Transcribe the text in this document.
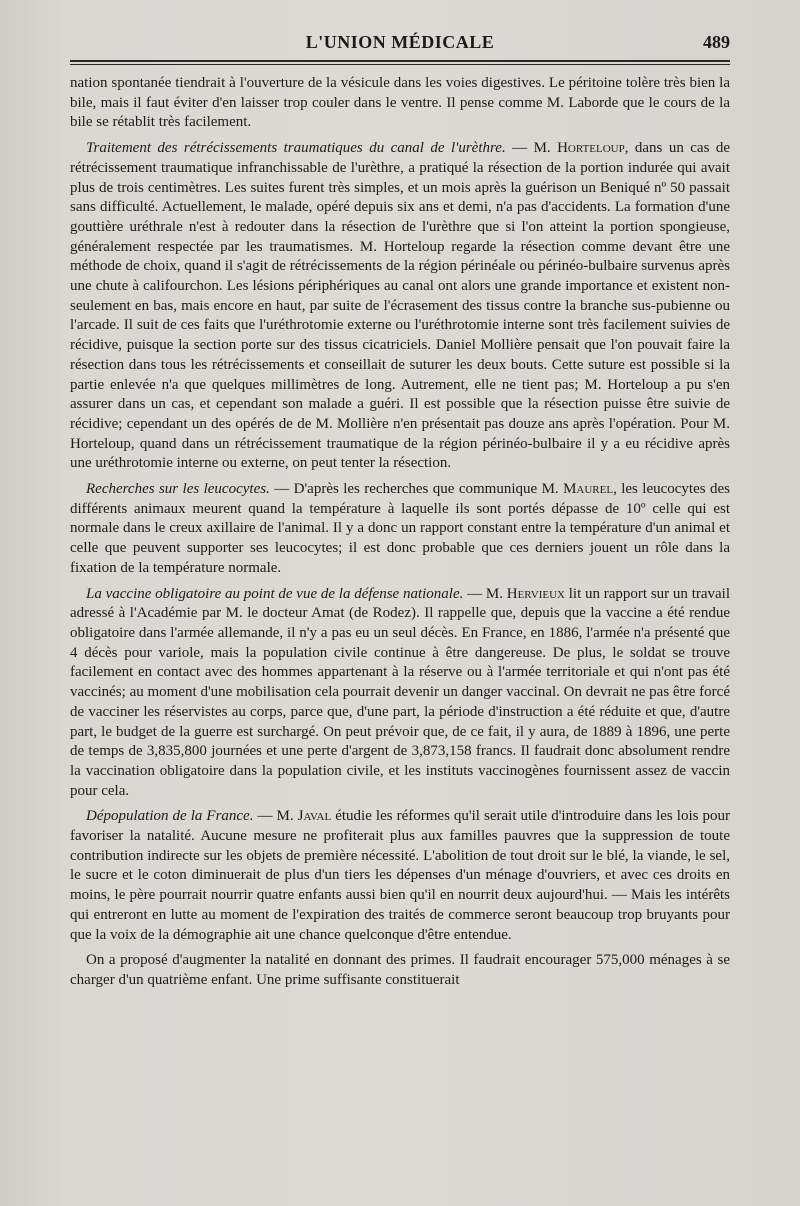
L'UNION MÉDICALE	489

nation spontanée tiendrait à l'ouverture de la vésicule dans les voies digestives. Le péritoine tolère très bien la bile, mais il faut éviter d'en laisser trop couler dans le ventre. Il pense comme M. Laborde que le cours de la bile se rétablit très facilement.

Traitement des rétrécissements traumatiques du canal de l'urèthre. — M. Horteloup, dans un cas de rétrécissement traumatique infranchissable de l'urèthre, a pratiqué la résection de la portion indurée qui avait plus de trois centimètres. Les suites furent très simples, et un mois après la guérison un Beniqué nº 50 passait sans difficulté. Actuellement, le malade, opéré depuis six ans et demi, n'a pas d'accidents. La formation d'une gouttière uréthrale n'est à redouter dans la résection de l'urèthre que si l'on atteint la portion spongieuse, généralement respectée par les traumatismes. M. Horteloup regarde la résection comme devant être une méthode de choix, quand il s'agit de rétrécissements de la région périnéale ou périnéo-bulbaire survenus après une chute à califourchon. Les lésions périphériques au canal ont alors une grande importance et existent non-seulement en bas, mais encore en haut, par suite de l'écrasement des tissus contre la branche sus-pubienne ou l'arcade. Il suit de ces faits que l'uréthrotomie externe ou l'uréthrotomie interne sont très facilement suivies de récidive, puisque la section porte sur des tissus cicatriciels. Daniel Mollière pensait que l'on pouvait faire la résection dans tous les rétrécissements et conseillait de suturer les deux bouts. Cette suture est possible si la partie enlevée n'a que quelques millimètres de long. Autrement, elle ne tient pas; M. Horteloup a pu s'en assurer dans un cas, et cependant son malade a guéri. Il est possible que la résection puisse être suivie de récidive; cependant un des opérés de de M. Mollière n'en présentait pas douze ans après l'opération. Pour M. Horteloup, quand dans un rétrécissement traumatique de la région périnéo-bulbaire il y a eu récidive après une uréthrotomie interne ou externe, on peut tenter la résection.

Recherches sur les leucocytes. — D'après les recherches que communique M. Maurel, les leucocytes des différents animaux meurent quand la température à laquelle ils sont portés dépasse de 10º celle qui est normale dans le creux axillaire de l'animal. Il y a donc un rapport constant entre la température d'un animal et celle que peuvent supporter ses leucocytes; il est donc probable que ces derniers jouent un rôle dans la fixation de la température normale.

La vaccine obligatoire au point de vue de la défense nationale. — M. Hervieux lit un rapport sur un travail adressé à l'Académie par M. le docteur Amat (de Rodez). Il rappelle que, depuis que la vaccine a été rendue obligatoire dans l'armée allemande, il n'y a pas eu un seul décès. En France, en 1886, l'armée n'a présenté que 4 décès pour variole, mais la population civile continue à être dangereuse. De plus, le soldat se trouve facilement en contact avec des hommes appartenant à la réserve ou à l'armée territoriale et qui n'ont pas été vaccinés; au moment d'une mobilisation cela pourrait devenir un danger vaccinal. On devrait ne pas être forcé de vacciner les réservistes au corps, parce que, d'une part, la période d'instruction a été réduite et que, d'autre part, le budget de la guerre est surchargé. On peut prévoir que, de ce fait, il y aura, de 1889 à 1896, une perte de temps de 3,835,800 journées et une perte d'argent de 3,873,158 francs. Il faudrait donc absolument rendre la vaccination obligatoire dans la population civile, et les instituts vaccinogènes fournissent assez de vaccin pour cela.

Dépopulation de la France. — M. Javal étudie les réformes qu'il serait utile d'introduire dans les lois pour favoriser la natalité. Aucune mesure ne profiterait plus aux familles pauvres que la suppression de toute contribution indirecte sur les objets de première nécessité. L'abolition de tout droit sur le blé, la viande, le sel, le sucre et le coton diminuerait de plus d'un tiers les dépenses d'un ménage d'ouvriers, et avec ces droits en moins, le père pourrait nourrir quatre enfants aussi bien qu'il en nourrit deux aujourd'hui. — Mais les intérêts qui entreront en lutte au moment de l'expiration des traités de commerce seront beaucoup trop bruyants pour que la voix de la démographie ait une chance quelconque d'être entendue.

On a proposé d'augmenter la natalité en donnant des primes. Il faudrait encourager 575,000 ménages à se charger d'un quatrième enfant. Une prime suffisante constituerait
